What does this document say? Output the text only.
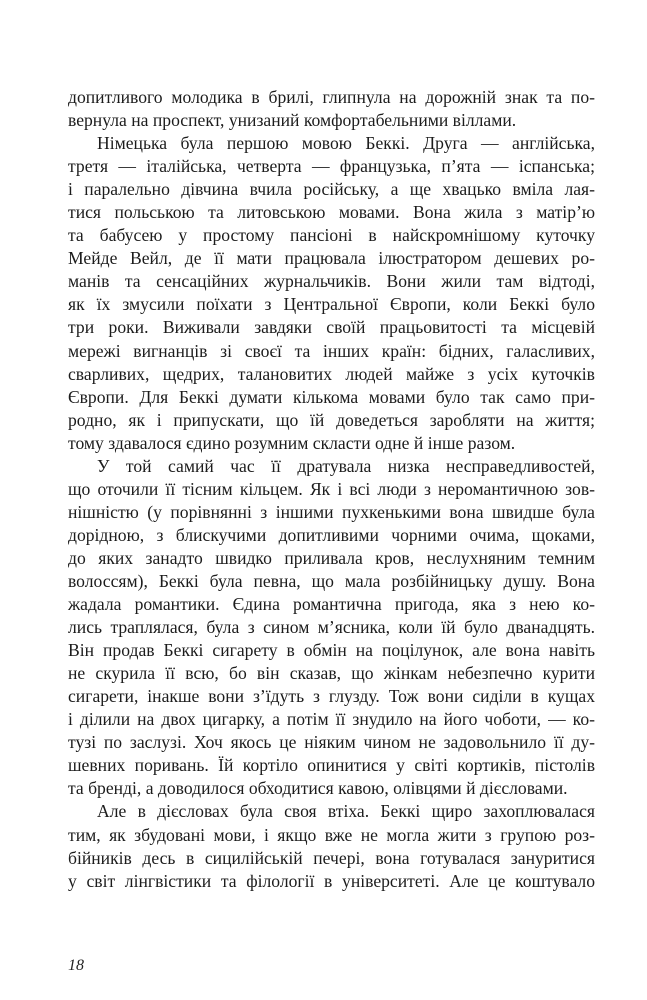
допитливого молодика в брилі, глипнула на дорожній знак та по-
вернула на проспект, унизаний комфортабельними віллами.
Німецька була першою мовою Беккі. Друга — англійська,
третя — італійська, четверта — французька, п’ята — іспанська;
і паралельно дівчина вчила російську, а ще хвацько вміла лая-
тися польською та литовською мовами. Вона жила з матір’ю
та бабусею у простому пансіоні в найскромнішому куточку
Мейде Вейл, де її мати працювала ілюстратором дешевих ро-
манів та сенсаційних журнальчиків. Вони жили там відтоді,
як їх змусили поїхати з Центральної Європи, коли Беккі було
три роки. Виживали завдяки своїй працьовитості та місцевій
мережі вигнанців зі своєї та інших країн: бідних, галасливих,
сварливих, щедрих, талановитих людей майже з усіх куточків
Європи. Для Беккі думати кількома мовами було так само при-
родно, як і припускати, що їй доведеться заробляти на життя;
тому здавалося єдино розумним скласти одне й інше разом.
У той самий час її дратувала низка несправедливостей,
що оточили її тісним кільцем. Як і всі люди з неромантичною зов-
нішністю (у порівнянні з іншими пухкенькими вона швидше була
дорідною, з блискучими допитливими чорними очима, щоками,
до яких занадто швидко приливала кров, неслухняним темним
волоссям), Беккі була певна, що мала розбійницьку душу. Вона
жадала романтики. Єдина романтична пригода, яка з нею ко-
лись траплялася, була з сином м’ясника, коли їй було дванадцять.
Він продав Беккі сигарету в обмін на поцілунок, але вона навіть
не скурила її всю, бо він сказав, що жінкам небезпечно курити
сигарети, інакше вони з’їдуть з глузду. Тож вони сиділи в кущах
і ділили на двох цигарку, а потім її знудило на його чоботи, — ко-
тузі по заслузі. Хоч якось це ніяким чином не задовольнило її ду-
шевних поривань. Їй кортіло опинитися у світі кортиків, пістолів
та бренді, а доводилося обходитися кавою, олівцями й дієсловами.
Але в дієсловах була своя втіха. Беккі щиро захоплювалася
тим, як збудовані мови, і якщо вже не могла жити з групою роз-
бійників десь в сицилійській печері, вона готувалася зануритися
у світ лінгвістики та філології в університеті. Але це коштувало
18
